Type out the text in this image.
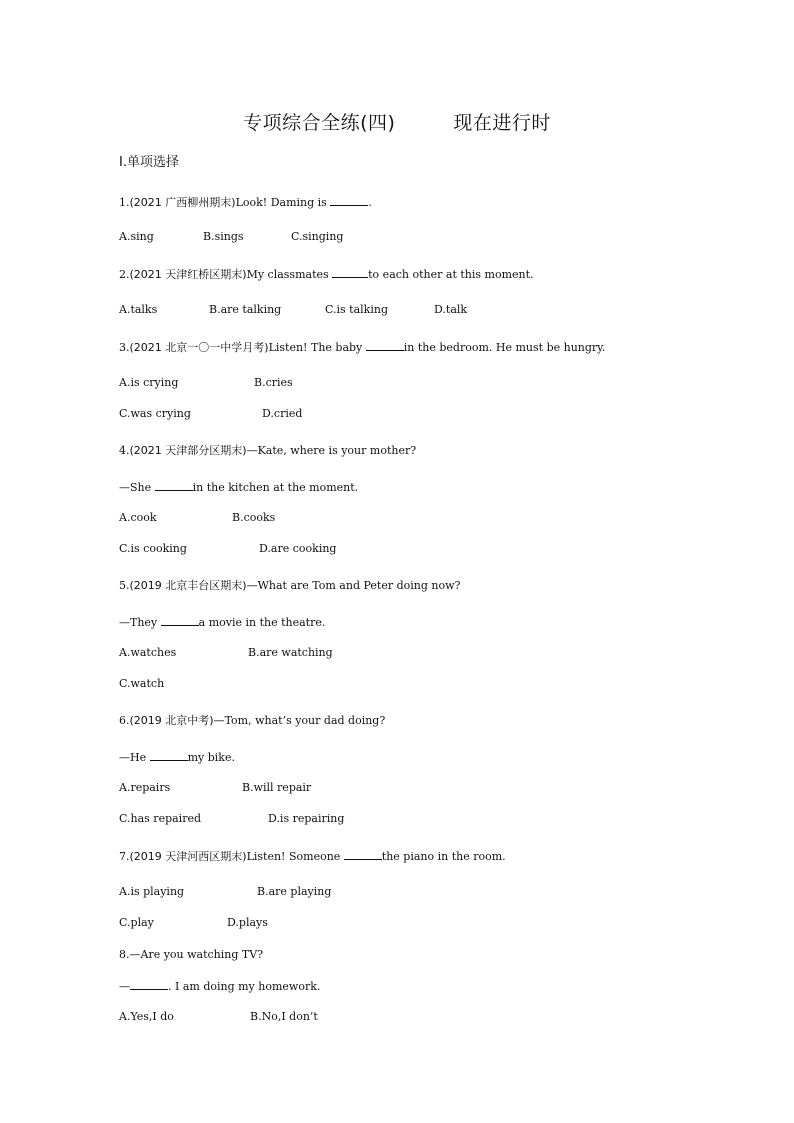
专项综合全练(四)	现在进行时
Ⅰ.单项选择
1.(2021 广西柳州期末)Look! Daming is	.
A.sing	B.sings	C.singing
2.(2021 天津红桥区期末)My classmates	to each other at this moment.
A.talks	B.are talking	C.is talking	D.talk
3.(2021 北京一〇一中学月考)Listen! The baby	in the bedroom. He must be hungry.
A.is crying	B.cries
C.was crying	D.cried
4.(2021 天津部分区期末)—Kate, where is your mother?
—She	in the kitchen at the moment.
A.cook	B.cooks
C.is cooking	D.are cooking
5.(2019 北京丰台区期末)—What are Tom and Peter doing now?
—They	a movie in the theatre.
A.watches	B.are watching
C.watch
6.(2019 北京中考)—Tom, what’s your dad doing?
—He	my bike.
A.repairs	B.will repair
C.has repaired	D.is repairing
7.(2019 天津河西区期末)Listen! Someone	the piano in the room.
A.is playing	B.are playing
C.play	D.plays
8.—Are you watching TV?
—	. I am doing my homework.
A.Yes,I do	B.No,I don’t
